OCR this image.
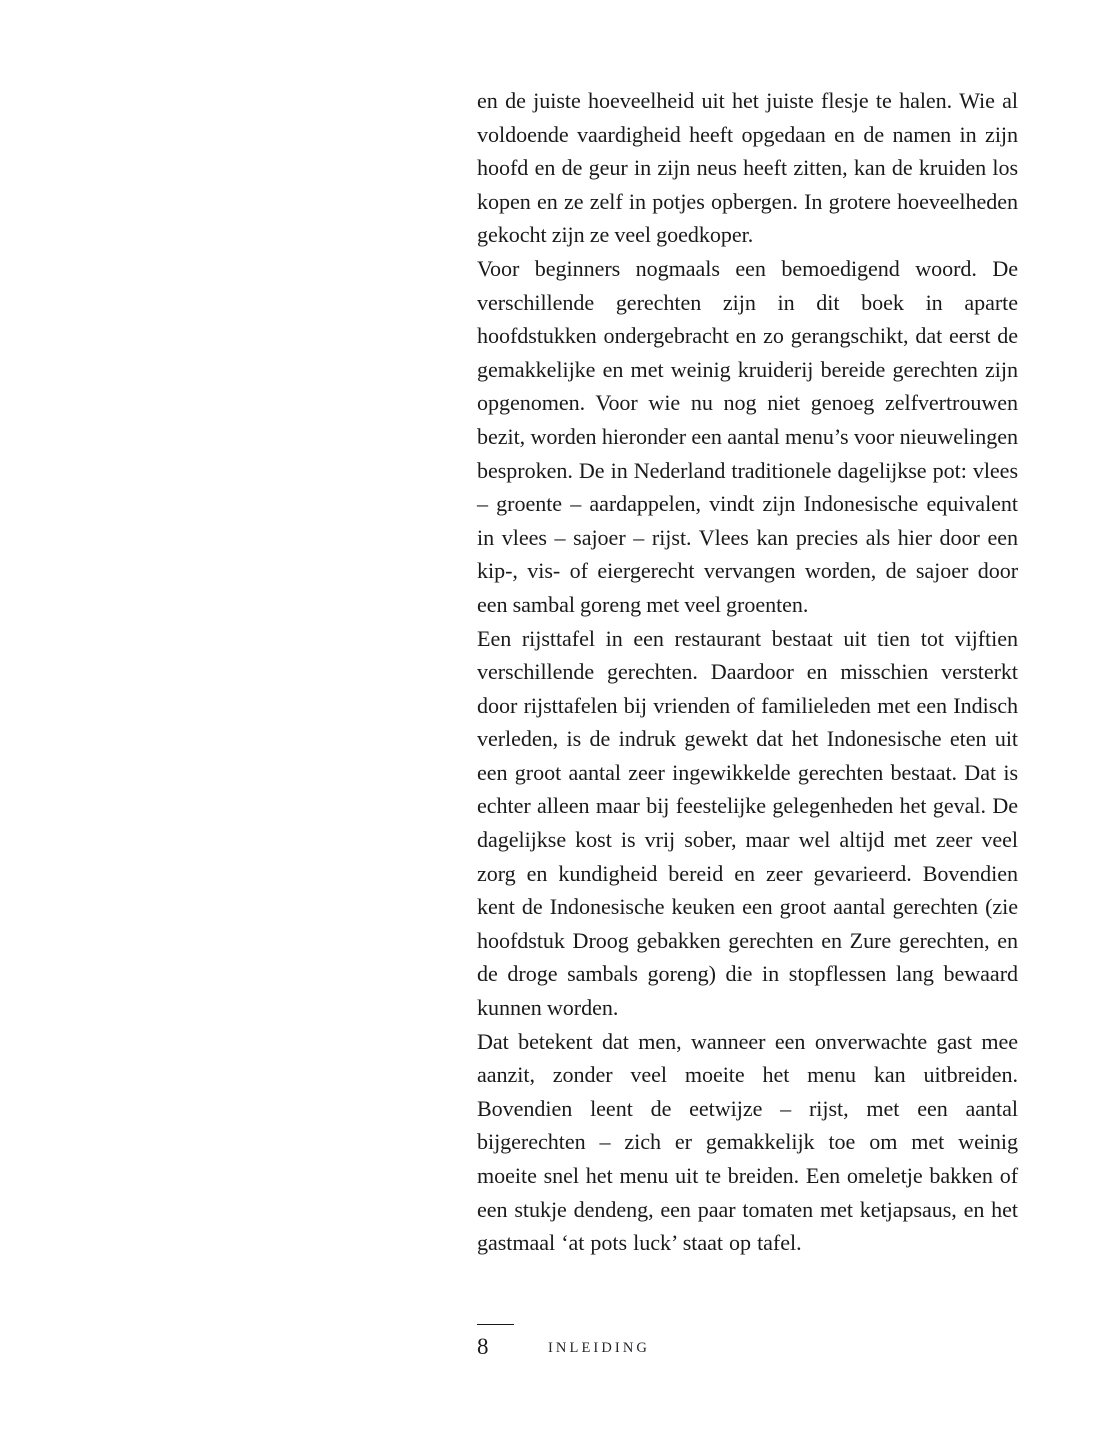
en de juiste hoeveelheid uit het juiste flesje te halen. Wie al voldoende vaardigheid heeft opgedaan en de namen in zijn hoofd en de geur in zijn neus heeft zitten, kan de kruiden los kopen en ze zelf in potjes opbergen. In grotere hoeveelheden gekocht zijn ze veel goedkoper.

Voor beginners nogmaals een bemoedigend woord. De verschillende gerechten zijn in dit boek in aparte hoofdstukken ondergebracht en zo gerangschikt, dat eerst de gemakkelijke en met weinig kruiderij bereide gerechten zijn opgenomen. Voor wie nu nog niet genoeg zelfvertrouwen bezit, worden hieronder een aantal menu’s voor nieuwelingen besproken. De in Nederland traditionele dagelijkse pot: vlees – groente – aardappelen, vindt zijn Indonesische equivalent in vlees – sajoer – rijst. Vlees kan precies als hier door een kip-, vis- of eiergerecht vervangen worden, de sajoer door een sambal goreng met veel groenten.

Een rijsttafel in een restaurant bestaat uit tien tot vijftien verschillende gerechten. Daardoor en misschien versterkt door rijsttafelen bij vrienden of familieleden met een Indisch verleden, is de indruk gewekt dat het Indonesische eten uit een groot aantal zeer ingewikkelde gerechten bestaat. Dat is echter alleen maar bij feestelijke gelegenheden het geval. De dagelijkse kost is vrij sober, maar wel altijd met zeer veel zorg en kundigheid bereid en zeer gevarieerd. Bovendien kent de Indonesische keuken een groot aantal gerechten (zie hoofdstuk Droog gebakken gerechten en Zure gerechten, en de droge sambals goreng) die in stopflessen lang bewaard kunnen worden.

Dat betekent dat men, wanneer een onverwachte gast mee aanzit, zonder veel moeite het menu kan uitbreiden. Bovendien leent de eetwijze – rijst, met een aantal bijgerechten – zich er gemakkelijk toe om met weinig moeite snel het menu uit te breiden. Een omeletje bakken of een stukje dendeng, een paar tomaten met ketjapsaus, en het gastmaal ‘at pots luck’ staat op tafel.

8	INLEIDING
